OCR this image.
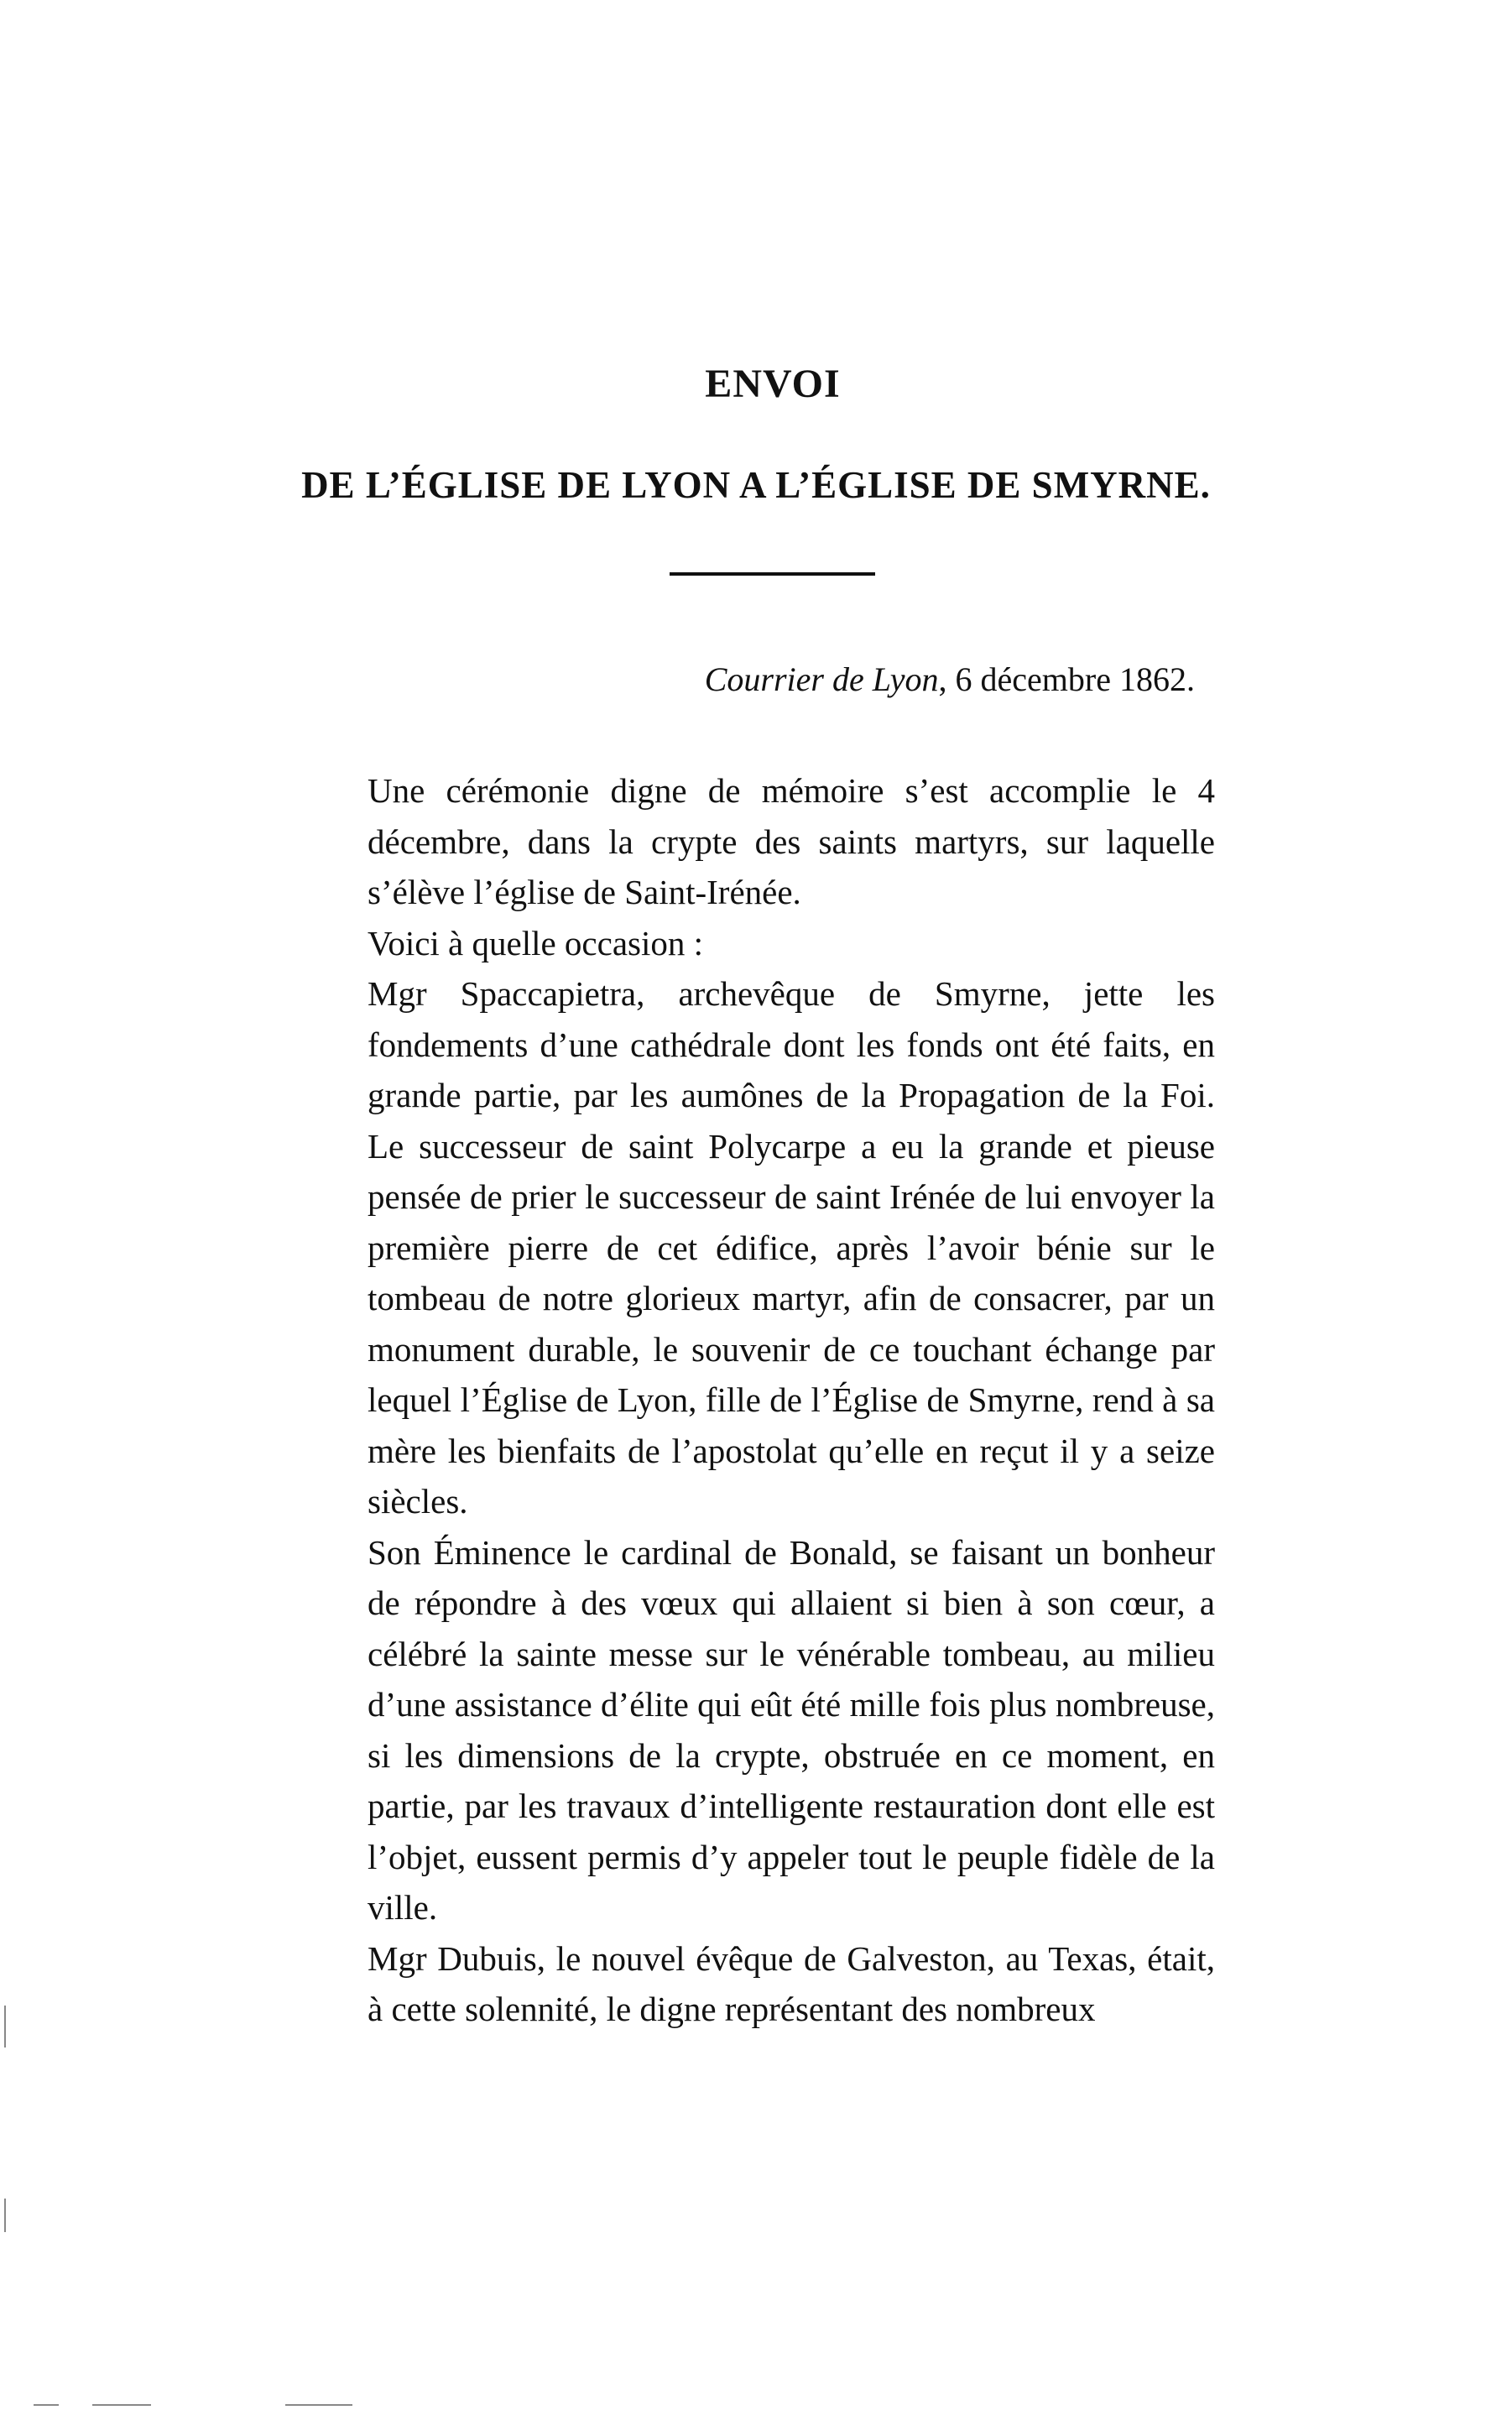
ENVOI
DE L’ÉGLISE DE LYON A L’ÉGLISE DE SMYRNE.
Courrier de Lyon, 6 décembre 1862.

Une cérémonie digne de mémoire s’est accomplie le 4 décembre, dans la crypte des saints martyrs, sur laquelle s’élève l’église de Saint-Irénée.

Voici à quelle occasion :

Mgr Spaccapietra, archevêque de Smyrne, jette les fondements d’une cathédrale dont les fonds ont été faits, en grande partie, par les aumônes de la Propagation de la Foi. Le successeur de saint Polycarpe a eu la grande et pieuse pensée de prier le successeur de saint Irénée de lui envoyer la première pierre de cet édifice, après l’avoir bénie sur le tombeau de notre glorieux martyr, afin de consacrer, par un monument durable, le souvenir de ce touchant échange par lequel l’Église de Lyon, fille de l’Église de Smyrne, rend à sa mère les bienfaits de l’apostolat qu’elle en reçut il y a seize siècles.

Son Éminence le cardinal de Bonald, se faisant un bonheur de répondre à des vœux qui allaient si bien à son cœur, a célébré la sainte messe sur le vénérable tombeau, au milieu d’une assistance d’élite qui eût été mille fois plus nombreuse, si les dimensions de la crypte, obstruée en ce moment, en partie, par les travaux d’intelligente restauration dont elle est l’objet, eussent permis d’y appeler tout le peuple fidèle de la ville.

Mgr Dubuis, le nouvel évêque de Galveston, au Texas, était, à cette solennité, le digne représentant des nombreux
